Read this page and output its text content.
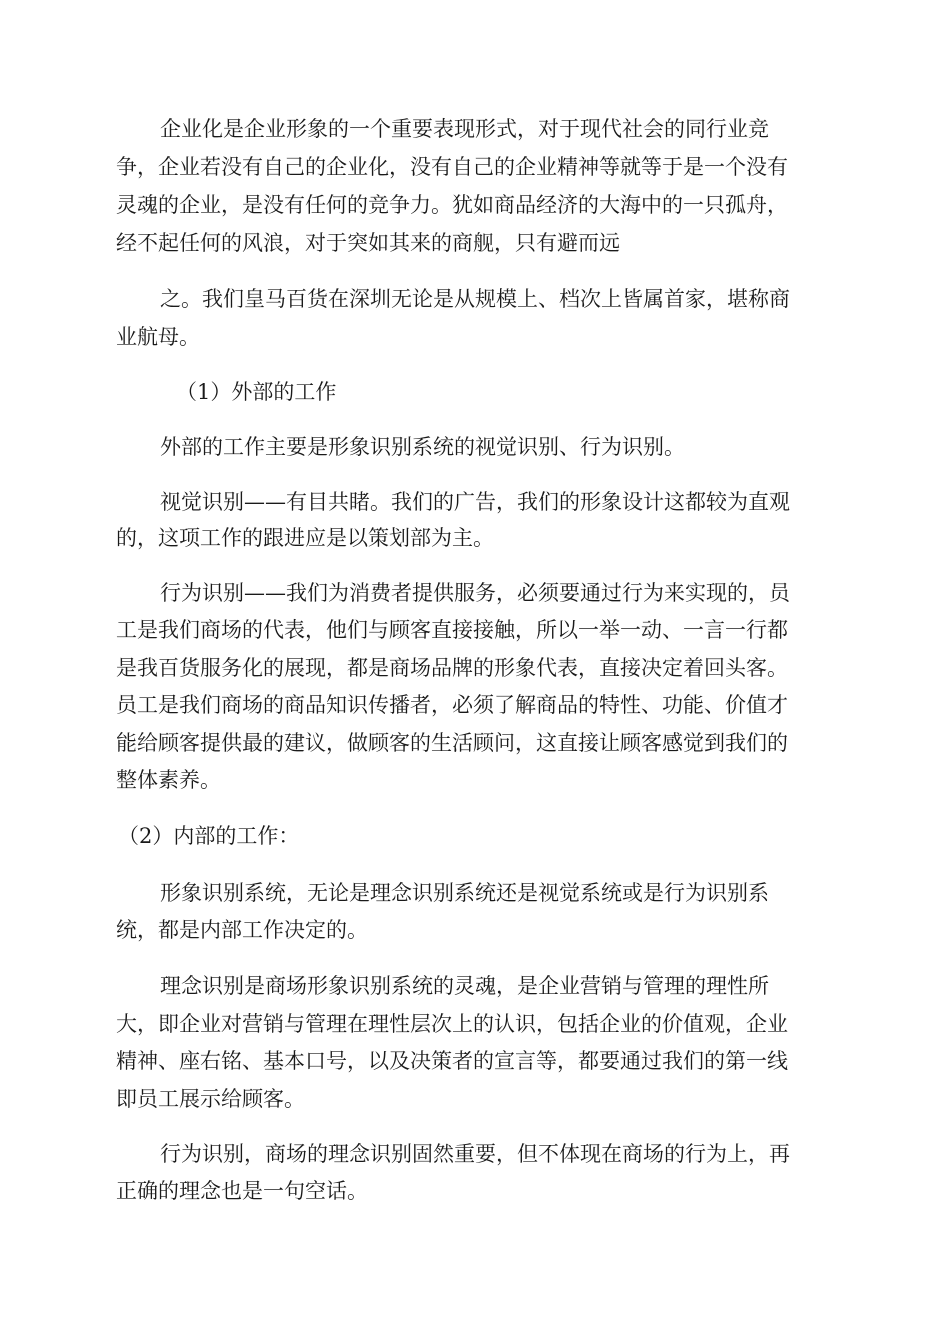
企业化是企业形象的一个重要表现形式，对于现代社会的同行业竞
争，企业若没有自己的企业化，没有自己的企业精神等就等于是一个没有
灵魂的企业，是没有任何的竞争力。犹如商品经济的大海中的一只孤舟，
经不起任何的风浪，对于突如其来的商舰，只有避而远
之。我们皇马百货在深圳无论是从规模上、档次上皆属首家，堪称商
业航母。
（1）外部的工作
外部的工作主要是形象识别系统的视觉识别、行为识别。
视觉识别——有目共睹。我们的广告，我们的形象设计这都较为直观
的，这项工作的跟进应是以策划部为主。
行为识别——我们为消费者提供服务，必须要通过行为来实现的，员
工是我们商场的代表，他们与顾客直接接触，所以一举一动、一言一行都
是我百货服务化的展现，都是商场品牌的形象代表，直接决定着回头客。
员工是我们商场的商品知识传播者，必须了解商品的特性、功能、价值才
能给顾客提供最的建议，做顾客的生活顾问，这直接让顾客感觉到我们的
整体素养。
（2）内部的工作：
形象识别系统，无论是理念识别系统还是视觉系统或是行为识别系
统，都是内部工作决定的。
理念识别是商场形象识别系统的灵魂，是企业营销与管理的理性所
大，即企业对营销与管理在理性层次上的认识，包括企业的价值观，企业
精神、座右铭、基本口号，以及决策者的宣言等，都要通过我们的第一线
即员工展示给顾客。
行为识别，商场的理念识别固然重要，但不体现在商场的行为上，再
正确的理念也是一句空话。
